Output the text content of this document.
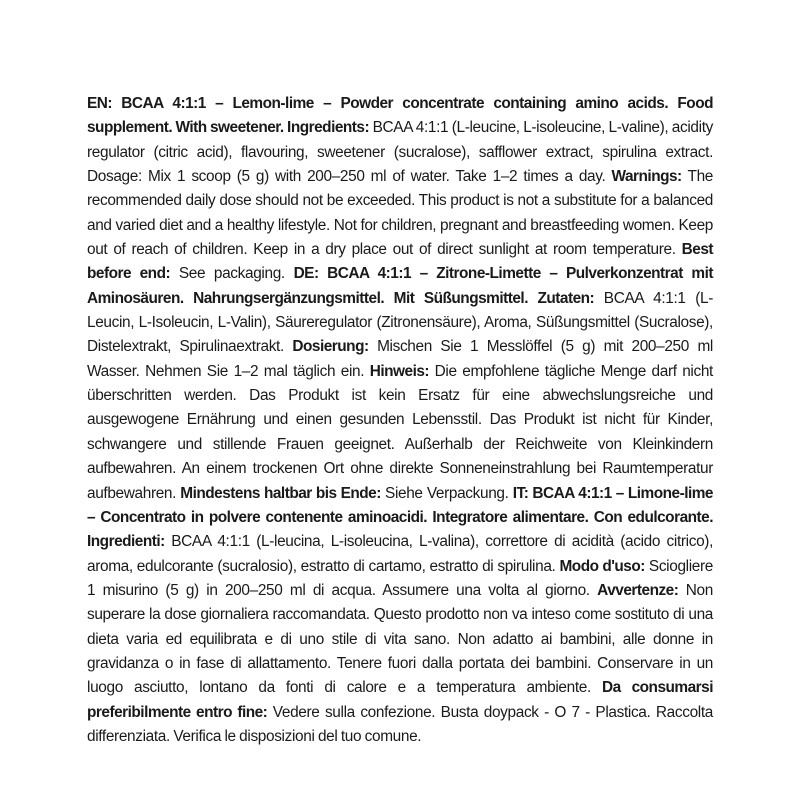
EN: BCAA 4:1:1 – Lemon-lime – Powder concentrate containing amino acids. Food supplement. With sweetener. Ingredients: BCAA 4:1:1 (L-leucine, L-isoleucine, L-valine), acidity regulator (citric acid), flavouring, sweetener (sucralose), safflower extract, spirulina extract. Dosage: Mix 1 scoop (5 g) with 200–250 ml of water. Take 1–2 times a day. Warnings: The recommended daily dose should not be exceeded. This product is not a substitute for a balanced and varied diet and a healthy lifestyle. Not for children, pregnant and breastfeeding women. Keep out of reach of children. Keep in a dry place out of direct sunlight at room temperature. Best before end: See packaging. DE: BCAA 4:1:1 – Zitrone-Limette – Pulverkonzentrat mit Aminosäuren. Nahrungsergänzungsmittel. Mit Süßungsmittel. Zutaten: BCAA 4:1:1 (L-Leucin, L-Isoleucin, L-Valin), Säureregulator (Zitronensäure), Aroma, Süßungsmittel (Sucralose), Distelextrakt, Spirulinaextrakt. Dosierung: Mischen Sie 1 Messlöffel (5 g) mit 200–250 ml Wasser. Nehmen Sie 1–2 mal täglich ein. Hinweis: Die empfohlene tägliche Menge darf nicht überschritten werden. Das Produkt ist kein Ersatz für eine abwechslungsreiche und ausgewogene Ernährung und einen gesunden Lebensstil. Das Produkt ist nicht für Kinder, schwangere und stillende Frauen geeignet. Außerhalb der Reichweite von Kleinkindern aufbewahren. An einem trockenen Ort ohne direkte Sonneneinstrahlung bei Raumtemperatur aufbewahren. Mindestens haltbar bis Ende: Siehe Verpackung. IT: BCAA 4:1:1 – Limone-lime – Concentrato in polvere contenente aminoacidi. Integratore alimentare. Con edulcorante. Ingredienti: BCAA 4:1:1 (L-leucina, L-isoleucina, L-valina), correttore di acidità (acido citrico), aroma, edulcorante (sucralosio), estratto di cartamo, estratto di spirulina. Modo d'uso: Sciogliere 1 misurino (5 g) in 200–250 ml di acqua. Assumere una volta al giorno. Avvertenze: Non superare la dose giornaliera raccomandata. Questo prodotto non va inteso come sostituto di una dieta varia ed equilibrata e di uno stile di vita sano. Non adatto ai bambini, alle donne in gravidanza o in fase di allattamento. Tenere fuori dalla portata dei bambini. Conservare in un luogo asciutto, lontano da fonti di calore e a temperatura ambiente. Da consumarsi preferibilmente entro fine: Vedere sulla confezione. Busta doypack - O 7 - Plastica. Raccolta differenziata. Verifica le disposizioni del tuo comune.
